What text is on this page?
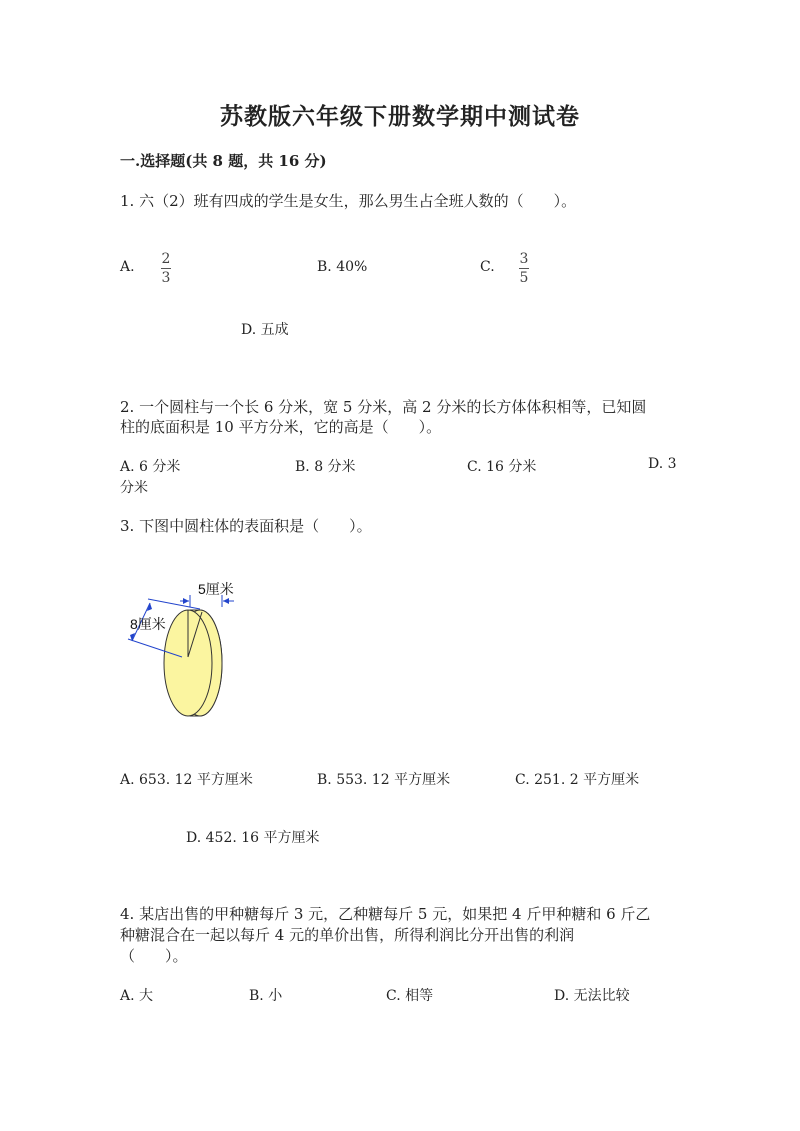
苏教版六年级下册数学期中测试卷
一.选择题(共 8 题，共 16 分)
1. 六（2）班有四成的学生是女生，那么男生占全班人数的（　　）。
A. 2
3
B. 40%	C. 3
5
D. 五成
2. 一个圆柱与一个长 6 分米，宽 5 分米，高 2 分米的长方体体积相等，已知圆
柱的底面积是 10 平方分米，它的高是（　　）。
A. 6 分米	B. 8 分米	C. 16 分米	D. 3
分米
3. 下图中圆柱体的表面积是（　　）。
5厘米
8厘米
A. 653. 12 平方厘米	B. 553. 12 平方厘米	C. 251. 2 平方厘米
D. 452. 16 平方厘米
4. 某店出售的甲种糖每斤 3 元，乙种糖每斤 5 元，如果把 4 斤甲种糖和 6 斤乙
种糖混合在一起以每斤 4 元的单价出售，所得利润比分开出售的利润
（　　）。
A. 大	B. 小	C. 相等	D. 无法比较
